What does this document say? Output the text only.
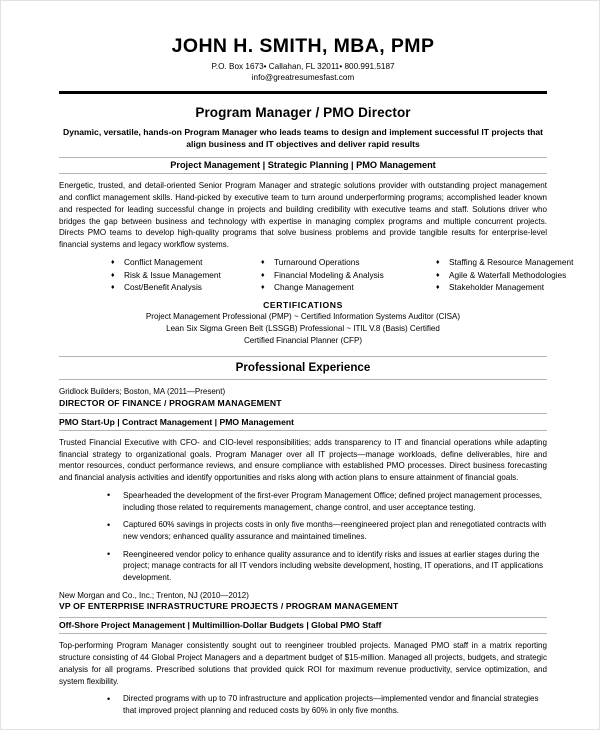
JOHN H. SMITH, MBA, PMP

P.O. Box 1673• Callahan, FL 32011• 800.991.5187

info@greatresumesfast.com

Program Manager / PMO Director
Dynamic, versatile, hands-on Program Manager who leads teams to design and implement successful IT projects that align business and IT objectives and deliver rapid results
Project Management | Strategic Planning | PMO Management

Energetic, trusted, and detail-oriented Senior Program Manager and strategic solutions provider with outstanding project management and conflict management skills. Hand-picked by executive team to turn around underperforming programs; accomplished leader known and respected for leading successful change in projects and building credibility with executive teams and staff. Solutions driver who bridges the gap between business and technology with expertise in managing complex programs and multiple concurrent projects. Directs PMO teams to develop high-quality programs that solve business problems and provide tangible results for enterprise-level financial systems and legacy workflow systems.

♦ Conflict Management	♦ Turnaround Operations	♦ Staffing & Resource Management
♦ Risk & Issue Management	♦ Financial Modeling & Analysis	♦ Agile & Waterfall Methodologies
♦ Cost/Benefit Analysis	♦ Change Management	♦ Stakeholder Management
CERTIFICATIONS
Project Management Professional (PMP) ~ Certified Information Systems Auditor (CISA)
Lean Six Sigma Green Belt (LSSGB) Professional ~ ITIL V.8 (Basis) Certified
Certified Financial Planner (CFP)
Professional Experience

Gridlock Builders; Boston, MA (2011—Present)

DIRECTOR OF FINANCE / PROGRAM MANAGEMENT

PMO Start-Up | Contract Management | PMO Management

Trusted Financial Executive with CFO- and CIO-level responsibilities; adds transparency to IT and financial operations while adapting financial strategy to organizational goals. Program Manager over all IT projects—manage workloads, define deliverables, hire and mentor resources, conduct performance reviews, and ensure compliance with established PMO processes. Direct business forecasting and financial analysis activities and identify opportunities and risks along with action plans to ensure attainment of financial goals.

• Spearheaded the development of the first-ever Program Management Office; defined project management processes, including those related to requirements management, change control, and user acceptance testing.
• Captured 60% savings in projects costs in only five months—reengineered project plan and renegotiated contracts with new vendors; enhanced quality assurance and maintained timelines.
• Reengineered vendor policy to enhance quality assurance and to identify risks and issues at earlier stages during the project; manage contracts for all IT vendors including website development, hosting, IT operations, and IT applications development.

New Morgan and Co., Inc.; Trenton, NJ (2010—2012)

VP OF ENTERPRISE INFRASTRUCTURE PROJECTS / PROGRAM MANAGEMENT

Off-Shore Project Management | Multimillion-Dollar Budgets | Global PMO Staff

Top-performing Program Manager consistently sought out to reengineer troubled projects. Managed PMO staff in a matrix reporting structure consisting of 44 Global Project Managers and a department budget of $15-million. Managed all projects, budgets, and strategic analysis for all programs. Prescribed solutions that provided quick ROI for maximum revenue productivity, service optimization, and system flexibility.

• Directed programs with up to 70 infrastructure and application projects—implemented vendor and financial strategies that improved project planning and reduced costs by 60% in only five months.
